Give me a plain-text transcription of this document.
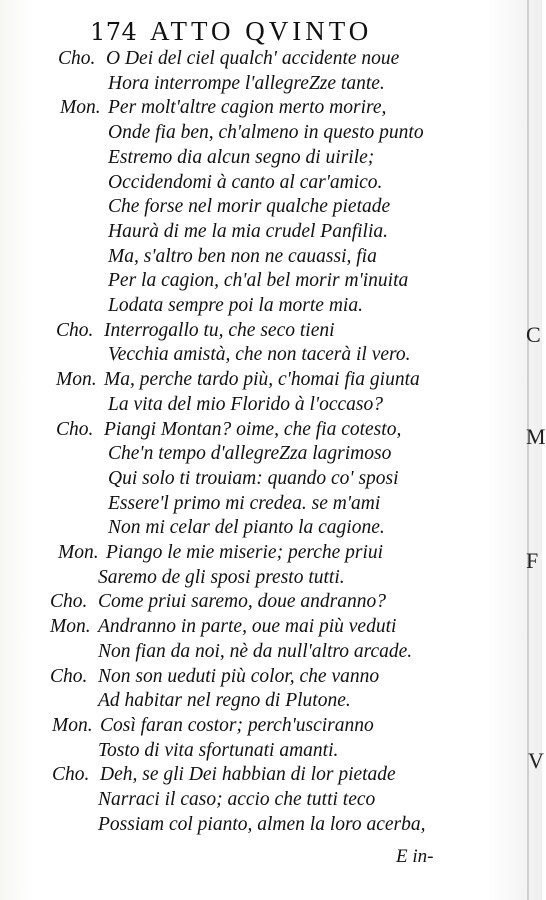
174 ATTO QVINTO
Cho. O Dei del ciel qualch' accidente noue
Hora interrompe l'allegreZze tante.
Mon. Per molt'altre cagion merto morire,
Onde fia ben, ch'almeno in questo punto
Estremo dia alcun segno di uirile;
Occidendomi à canto al car'amico.
Che forse nel morir qualche pietade
Haurà di me la mia crudel Panfilia.
Ma, s'altro ben non ne cauassi, fia
Per la cagion, ch'al bel morir m'inuita
Lodata sempre poi la morte mia.
Cho. Interrogallo tu, che seco tieni
Vecchia amistà, che non tacerà il vero.
Mon. Ma, perche tardo più, c'homai fia giunta
La vita del mio Florido à l'occaso?
Cho. Piangi Montan? oime, che fia cotesto,
Che'n tempo d'allegreZza lagrimoso
Qui solo ti trouiam: quando co' sposi
Essere'l primo mi credea. se m'ami
Non mi celar del pianto la cagione.
Mon. Piango le mie miserie; perche priui
Saremo de gli sposi presto tutti.
Cho. Come priui saremo, doue andranno?
Mon. Andranno in parte, oue mai più veduti
Non fian da noi, nè da null'altro arcade.
Cho. Non son ueduti più color, che vanno
Ad habitar nel regno di Plutone.
Mon. Così faran costor; perch'usciranno
Tosto di vita sfortunati amanti.
Cho. Deh, se gli Dei habbian di lor pietade
Narraci il caso; accio che tutti teco
Possiam col pianto, almen la loro acerba,
E in-
C
M
F
V
